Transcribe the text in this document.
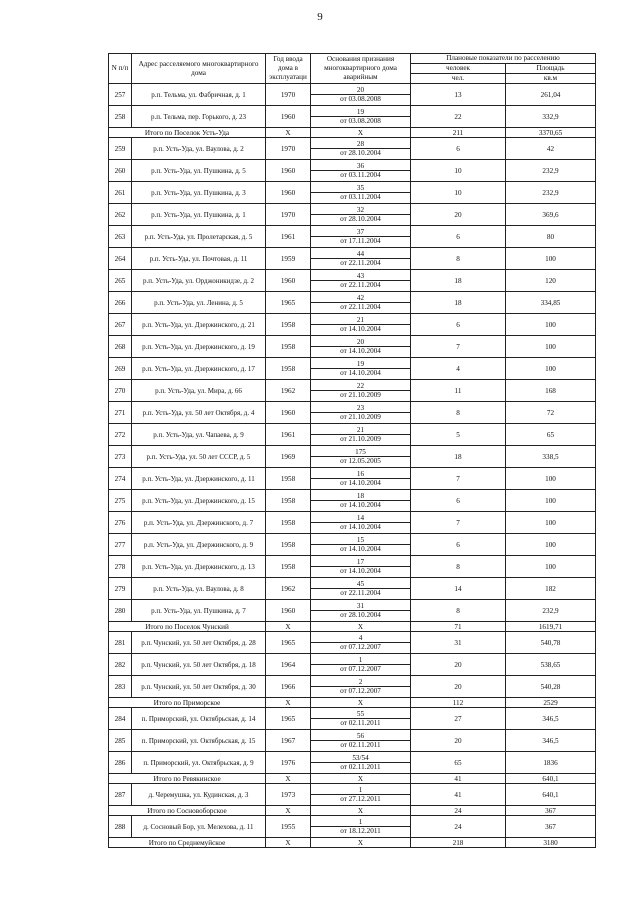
9
N п/п	Адрес расселяемого многоквартирного дома	Год ввода дома в эксплуатаци	Основания признания многоквартирного дома аварийным	Плановые показатели по расселению	
				человек	Площадь
				чел.	кв.м
257	р.п. Тельма, ул. Фабричная, д. 1	1970	20	13	261,04
			от 03.08.2008		
258	р.п. Тельма, пер. Горького, д. 23	1960	19	22	332,9
			от 03.08.2008		
Итого по Поселок Усть-Уда		X	X	211	3370,65
259	р.п. Усть-Уда, ул. Ваулова, д. 2	1970	28	6	42
			от 28.10.2004		
260	р.п. Усть-Уда, ул. Пушкина, д. 5	1960	36	10	232,9
			от 03.11.2004		
261	р.п. Усть-Уда, ул. Пушкина, д. 3	1960	35	10	232,9
			от 03.11.2004		
262	р.п. Усть-Уда, ул. Пушкина, д. 1	1970	32	20	369,6
			от 28.10.2004		
263	р.п. Усть-Уда, ул. Пролетарская, д. 5	1961	37	6	80
			от 17.11.2004		
264	р.п. Усть-Уда, ул. Почтовая, д. 11	1959	44	8	100
			от 22.11.2004		
265	р.п. Усть-Уда, ул. Орджоникидзе, д. 2	1960	43	18	120
			от 22.11.2004		
266	р.п. Усть-Уда, ул. Ленина, д. 5	1965	42	18	334,85
			от 22.11.2004		
267	р.п. Усть-Уда, ул. Дзержинского, д. 21	1958	21	6	100
			от 14.10.2004		
268	р.п. Усть-Уда, ул. Дзержинского, д. 19	1958	20	7	100
			от 14.10.2004		
269	р.п. Усть-Уда, ул. Дзержинского, д. 17	1958	19	4	100
			от 14.10.2004		
270	р.п. Усть-Уда, ул. Мира, д. 66	1962	22	11	168
			от 21.10.2009		
271	р.п. Усть-Уда, ул. 50 лет Октября, д. 4	1960	23	8	72
			от 21.10.2009		
272	р.п. Усть-Уда, ул. Чапаева, д. 9	1961	21	5	65
			от 21.10.2009		
273	р.п. Усть-Уда, ул. 50 лет СССР, д. 5	1969	175	18	338,5
			от 12.05.2005		
274	р.п. Усть-Уда, ул. Дзержинского, д. 11	1958	16	7	100
			от 14.10.2004		
275	р.п. Усть-Уда, ул. Дзержинского, д. 15	1958	18	6	100
			от 14.10.2004		
276	р.п. Усть-Уда, ул. Дзержинского, д. 7	1958	14	7	100
			от 14.10.2004		
277	р.п. Усть-Уда, ул. Дзержинского, д. 9	1958	15	6	100
			от 14.10.2004		
278	р.п. Усть-Уда, ул. Дзержинского, д. 13	1958	17	8	100
			от 14.10.2004		
279	р.п. Усть-Уда, ул. Ваулова, д. 8	1962	45	14	182
			от 22.11.2004		
280	р.п. Усть-Уда, ул. Пушкина, д. 7	1960	31	8	232,9
			от 28.10.2004		
Итого по Поселок Чунский		X	X	71	1619,71
281	р.п. Чунский, ул. 50 лет Октября, д. 28	1965	4	31	540,78
			от 07.12.2007		
282	р.п. Чунский, ул. 50 лет Октября, д. 18	1964	1	20	538,65
			от 07.12.2007		
283	р.п. Чунский, ул. 50 лет Октября, д. 30	1966	2	20	540,28
			от 07.12.2007		
Итого по Приморское		X	X	112	2529
284	п. Приморский, ул. Октябрьская, д. 14	1965	55	27	346,5
			от 02.11.2011		
285	п. Приморский, ул. Октябрьская, д. 15	1967	56	20	346,5
			от 02.11.2011		
286	п. Приморский, ул. Октябрьская, д. 9	1976	53/54	65	1836
			от 02.11.2011		
Итого по Ревякинское		X	X	41	640,1
287	д. Черемушка, ул. Кудинская, д. 3	1973	1	41	640,1
			от 27.12.2011		
Итого по Сосновоборское		X	X	24	367
288	д. Сосновый Бор, ул. Мелехова, д. 11	1955	1	24	367
			от 18.12.2011		
Итого по Среднемуйское		X	X	218	3180
